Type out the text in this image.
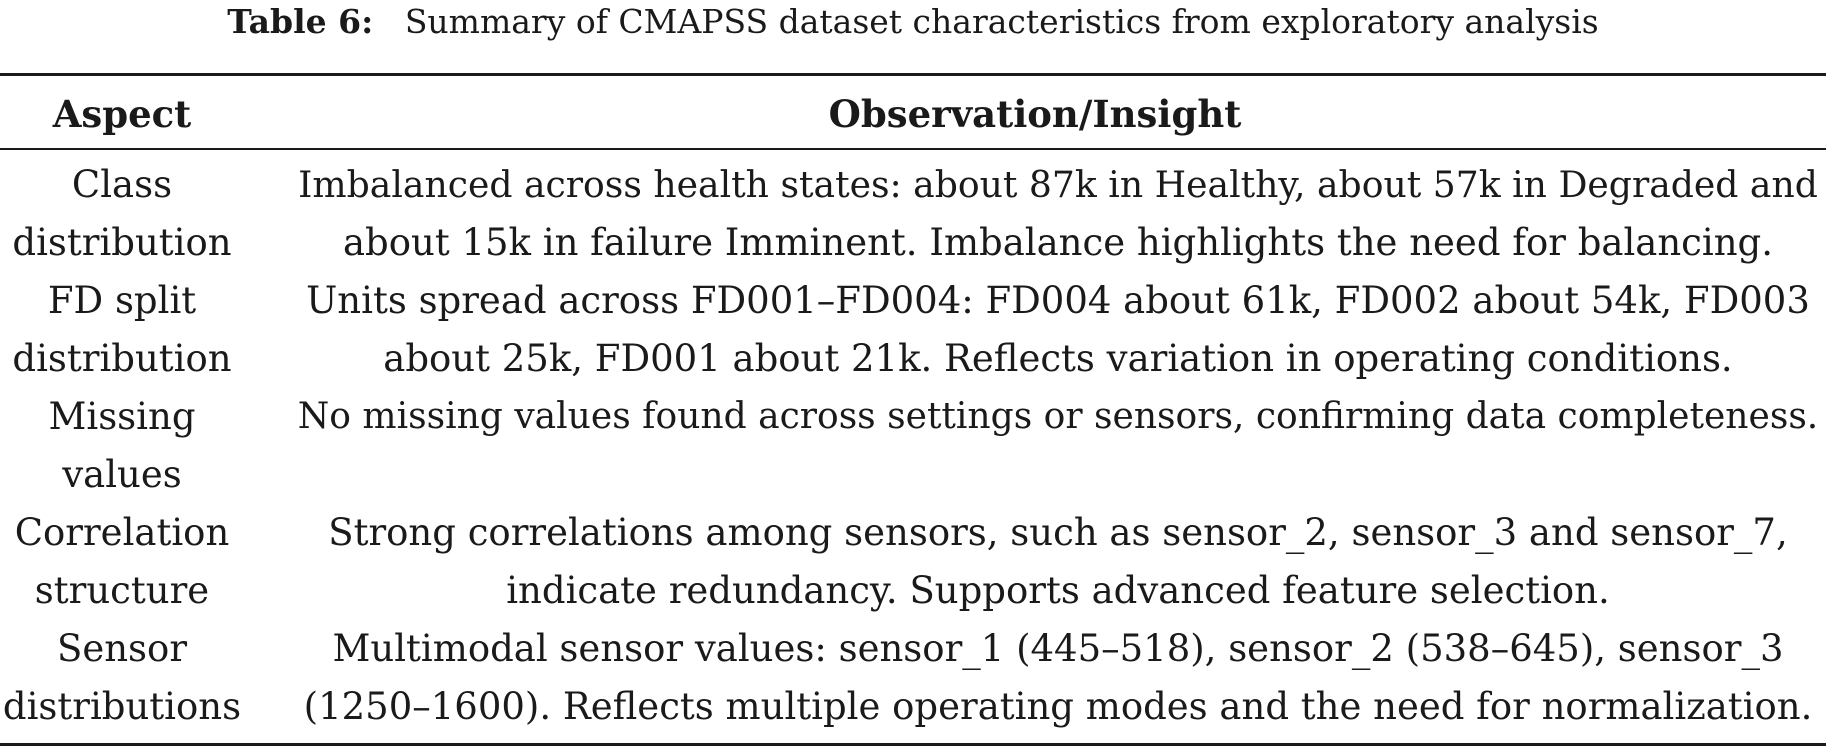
Table 6: Summary of CMAPSS dataset characteristics from exploratory analysis
Aspect	Observation/Insight
Class
distribution
Imbalanced across health states: about 87k in Healthy, about 57k in Degraded and
about 15k in failure Imminent. Imbalance highlights the need for balancing.
FD split
distribution
Units spread across FD001–FD004: FD004 about 61k, FD002 about 54k, FD003
about 25k, FD001 about 21k. Reflects variation in operating conditions.
Missing
values
No missing values found across settings or sensors, confirming data completeness.

Correlation
structure
Strong correlations among sensors, such as sensor_2, sensor_3 and sensor_7,
indicate redundancy. Supports advanced feature selection.
Sensor
distributions
Multimodal sensor values: sensor_1 (445–518), sensor_2 (538–645), sensor_3
(1250–1600). Reflects multiple operating modes and the need for normalization.
